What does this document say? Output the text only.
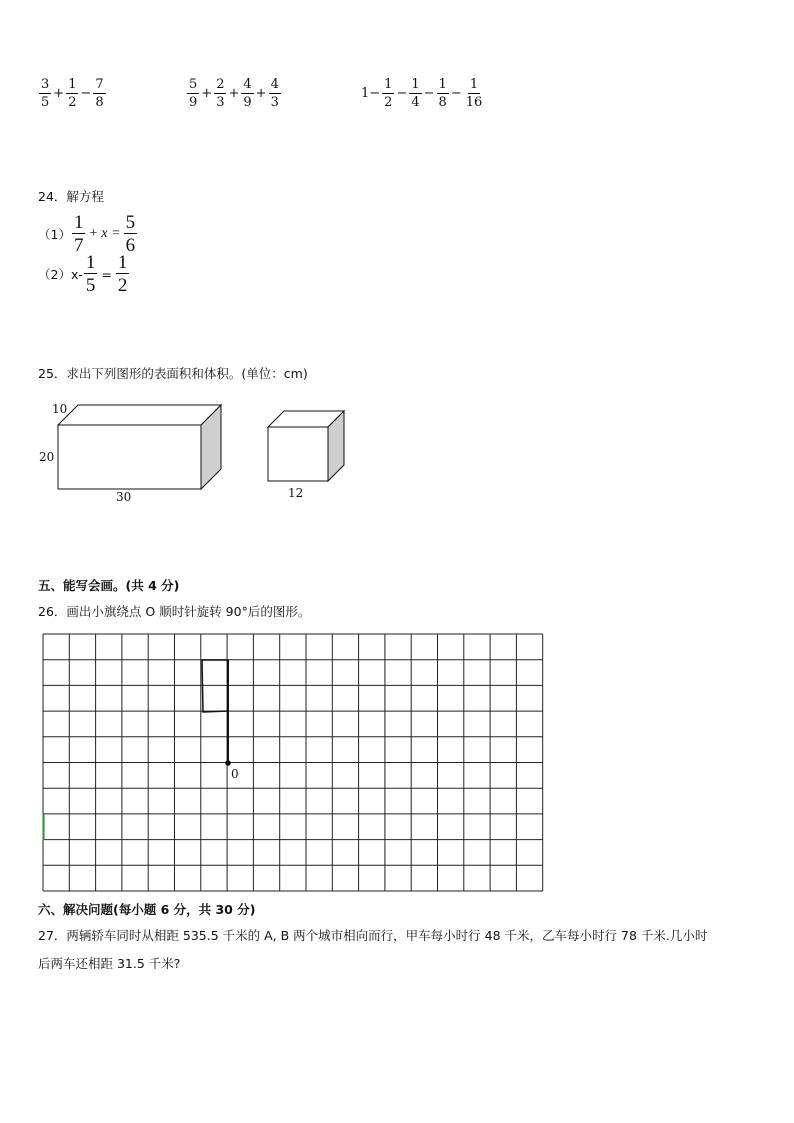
$\frac{3}{5} + \frac{1}{2} - \frac{7}{8}$	$\frac{5}{9} + \frac{2}{3} + \frac{4}{9} + \frac{4}{3}$	$1- \frac{1}{2} - \frac{1}{4} - \frac{1}{8} - \frac{1}{16}$
24．解方程
$(1) \frac{1}{7} + x = \frac{5}{6}$
$(2)x- \frac{1}{5} = \frac{1}{2}$
25．求出下列图形的表面积和体积。(单位：cm)
10
20
30	12
五、能写会画。(共 4 分)
26．画出小旗绕点 O 顺时针旋转 90°后的图形。
0
六、解决问题(每小题 6 分，共 30 分)
27．两辆轿车同时从相距 535.5 千米的 A, B 两个城市相向而行，甲车每小时行 48 千米，乙车每小时行 78 千米.几小时
后两车还相距 31.5 千米?
